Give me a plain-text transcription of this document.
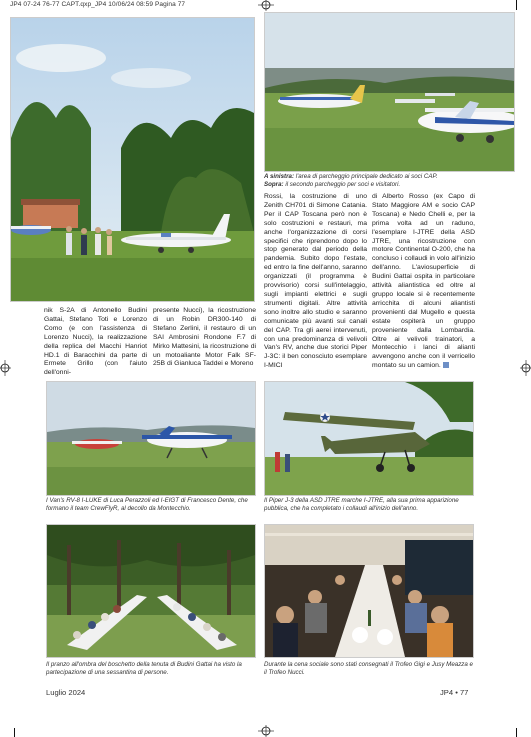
JP4 07-24 76-77 CAPT.qxp_JP4 10/06/24 08:59 Pagina 77
A sinistra: l'area di parcheggio principale dedicato ai soci CAP.
Sopra: il secondo parcheggio per soci e visitatori.
nik S-2A di Antonello Budini Gattai, Stefano Toti e Lorenzo Como (e con l'assistenza di Lorenzo Nucci), la realizzazione della replica del Macchi Hanriot HD.1 di Baracchini da parte di Ermete Grillo (con l'aiuto dell'onni-
presente Nucci), la ricostruzione di un Robin DR300-140 di Stefano Zerlini, il restauro di un SAI Ambrosini Rondone F.7 di Mirko Mattesini, la ricostruzione di un motoaliante Motor Falk SF-25B di Gianluca Taddei e Moreno
Rossi, la costruzione di uno Zenith CH701 di Simone Catania. Per il CAP Toscana però non è solo costruzioni e restauri, ma anche l'organizzazione di corsi specifici che riprendono dopo lo stop generato dal periodo della pandemia. Subito dopo l'estate, ed entro la fine dell'anno, saranno organizzati (il programma è provvisorio) corsi sull'intelaggio, sugli impianti elettrici e sugli strumenti digitali. Altre attività sono inoltre allo studio e saranno comunicate più avanti sui canali del CAP. Tra gli aerei intervenuti, con una predominanza di velivoli Van's RV, anche due storici Piper J-3C: il ben conosciuto esemplare I-MICI
di Alberto Rosso (ex Capo di Stato Maggiore AM e socio CAP Toscana) e Nedo Chelli e, per la prima volta ad un raduno, l'esemplare I-JTRE della ASD JTRE, una ricostruzione con motore Continental O-200, che ha concluso i collaudi in volo all'inizio dell'anno. L'aviosuperficie di Budini Gattai ospita in particolare attività aliantistica ed oltre al gruppo locale si è recentemente arricchita di alcuni aliantisti provenienti dal Mugello e questa estate ospiterà un gruppo proveniente dalla Lombardia. Oltre ai velivoli trainatori, a Montecchio i lanci di alianti avvengono anche con il verricello montato su un camion.
I Van's RV-8 I-LUKE di Luca Perazzoli ed I-EIGT di Francesco Dente, che formano il team CrewFlyR, al decollo da Montecchio.
Il Piper J-3 della ASD JTRE marche I-JTRE, alla sua prima apparizione pubblica, che ha completato i collaudi all'inizio dell'anno.
Il pranzo all'ombra del boschetto della tenuta di Budini Gattai ha visto la partecipazione di una sessantina di persone.
Durante la cena sociale sono stati consegnati il Trofeo Gigi e Jusy Meazza e il Trofeo Nucci.
Luglio 2024	JP4 • 77
